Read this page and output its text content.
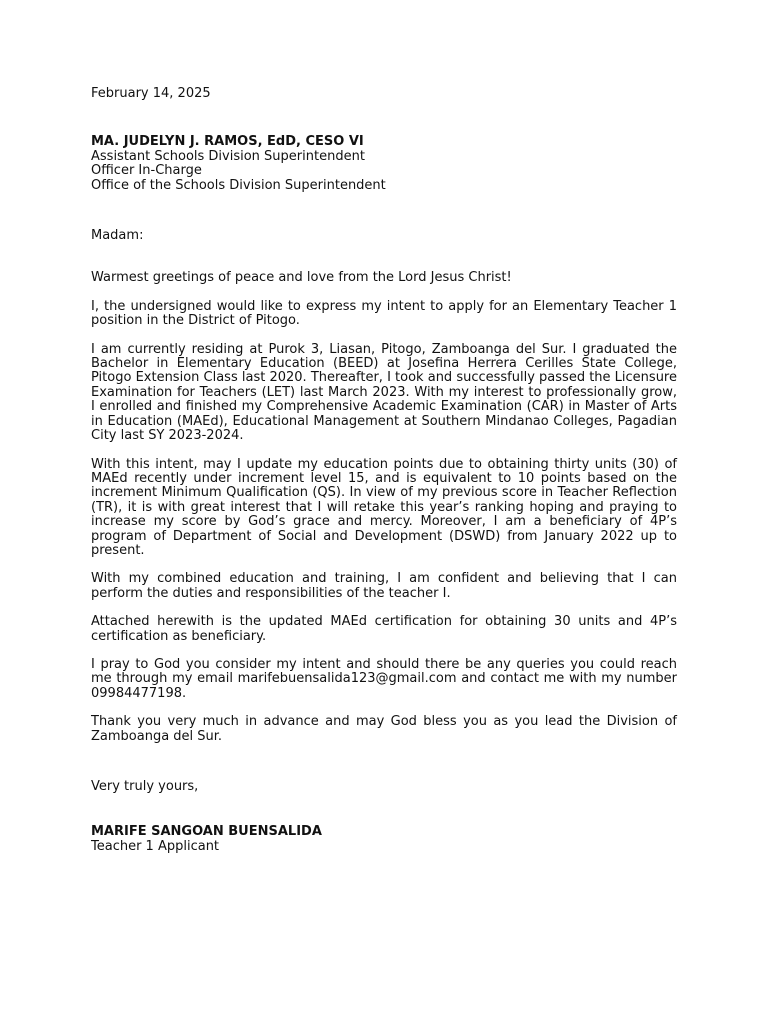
February 14, 2025
MA. JUDELYN J. RAMOS, EdD, CESO VI
Assistant Schools Division Superintendent
Officer In-Charge
Office of the Schools Division Superintendent
Madam:
Warmest greetings of peace and love from the Lord Jesus Christ!
I, the undersigned would like to express my intent to apply for an Elementary Teacher 1 position in the District of Pitogo.
I am currently residing at Purok 3, Liasan, Pitogo, Zamboanga del Sur. I graduated the Bachelor in Elementary Education (BEED) at Josefina Herrera Cerilles State College, Pitogo Extension Class last 2020. Thereafter, I took and successfully passed the Licensure Examination for Teachers (LET) last March 2023. With my interest to professionally grow, I enrolled and finished my Comprehensive Academic Examination (CAR) in Master of Arts in Education (MAEd), Educational Management at Southern Mindanao Colleges, Pagadian City last SY 2023-2024.
With this intent, may I update my education points due to obtaining thirty units (30) of MAEd recently under increment level 15, and is equivalent to 10 points based on the increment Minimum Qualification (QS). In view of my previous score in Teacher Reflection (TR), it is with great interest that I will retake this year’s ranking hoping and praying to increase my score by God’s grace and mercy. Moreover, I am a beneficiary of 4P’s program of Department of Social and Development (DSWD) from January 2022 up to present.
With my combined education and training, I am confident and believing that I can perform the duties and responsibilities of the teacher I.
Attached herewith is the updated MAEd certification for obtaining 30 units and 4P’s certification as beneficiary.
I pray to God you consider my intent and should there be any queries you could reach me through my email marifebuensalida123@gmail.com and contact me with my number 09984477198.
Thank you very much in advance and may God bless you as you lead the Division of Zamboanga del Sur.
Very truly yours,
MARIFE SANGOAN BUENSALIDA
Teacher 1 Applicant
